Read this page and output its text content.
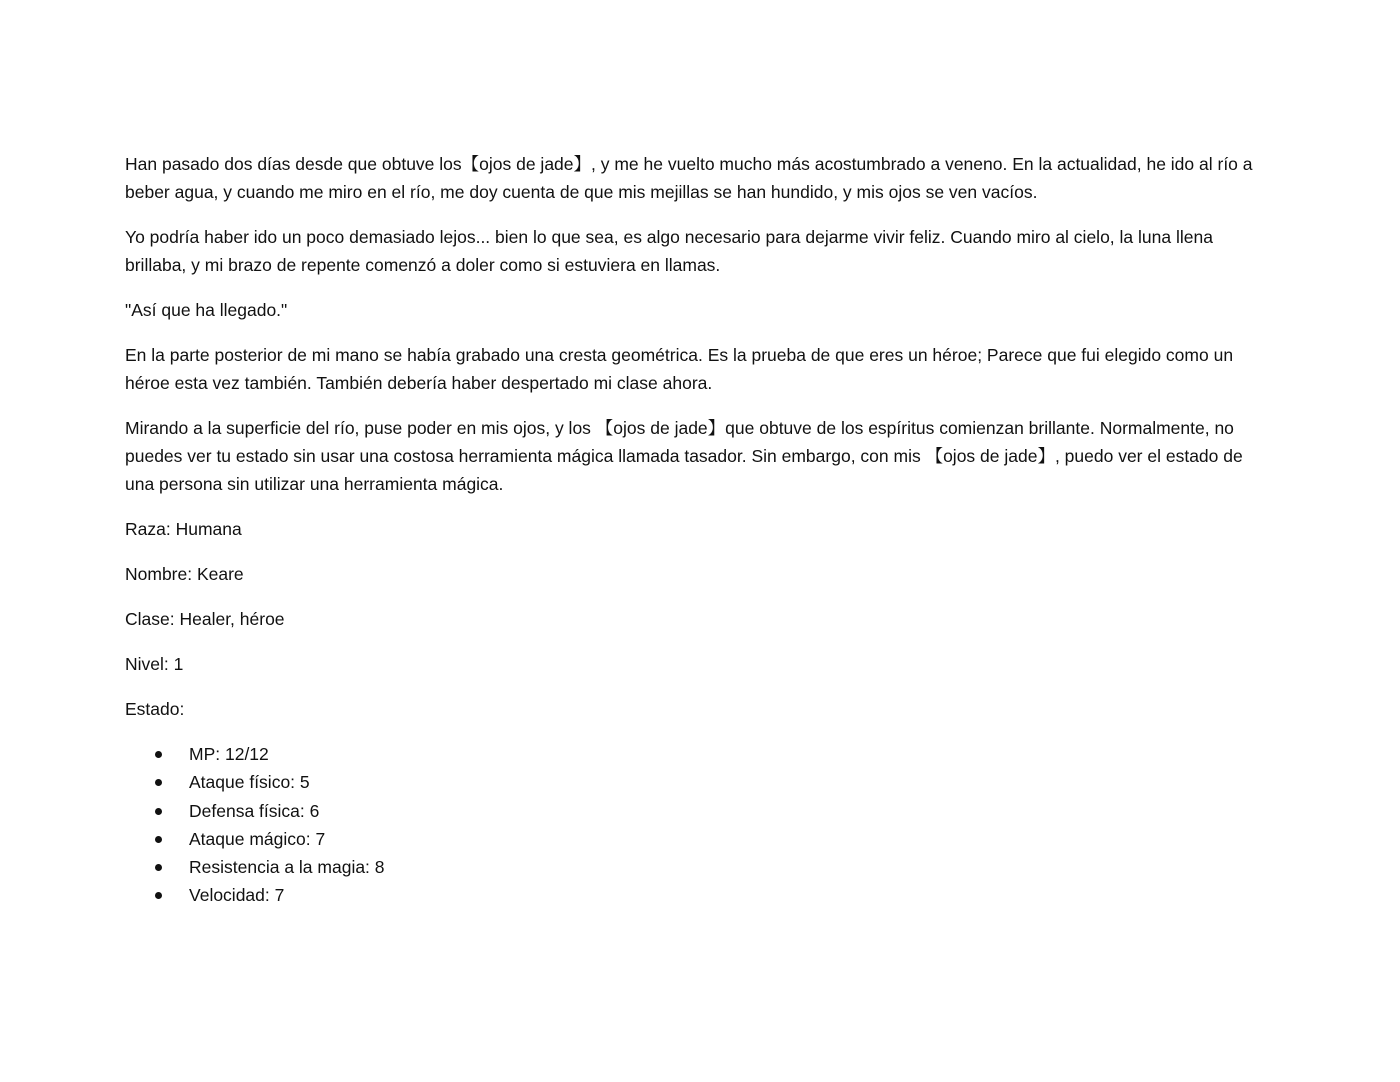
Han pasado dos días desde que obtuve los【ojos de jade】, y me he vuelto mucho más acostumbrado a veneno. En la actualidad, he ido al río a beber agua, y cuando me miro en el río, me doy cuenta de que mis mejillas se han hundido, y mis ojos se ven vacíos.

Yo podría haber ido un poco demasiado lejos... bien lo que sea, es algo necesario para dejarme vivir feliz. Cuando miro al cielo, la luna llena brillaba, y mi brazo de repente comenzó a doler como si estuviera en llamas.

"Así que ha llegado."

En la parte posterior de mi mano se había grabado una cresta geométrica. Es la prueba de que eres un héroe; Parece que fui elegido como un héroe esta vez también. También debería haber despertado mi clase ahora.

Mirando a la superficie del río, puse poder en mis ojos, y los 【ojos de jade】que obtuve de los espíritus comienzan brillante. Normalmente, no puedes ver tu estado sin usar una costosa herramienta mágica llamada tasador. Sin embargo, con mis 【ojos de jade】, puedo ver el estado de una persona sin utilizar una herramienta mágica.

Raza: Humana

Nombre: Keare

Clase: Healer, héroe

Nivel: 1

Estado:

MP: 12/12
Ataque físico: 5
Defensa física: 6
Ataque mágico: 7
Resistencia a la magia: 8
Velocidad: 7
